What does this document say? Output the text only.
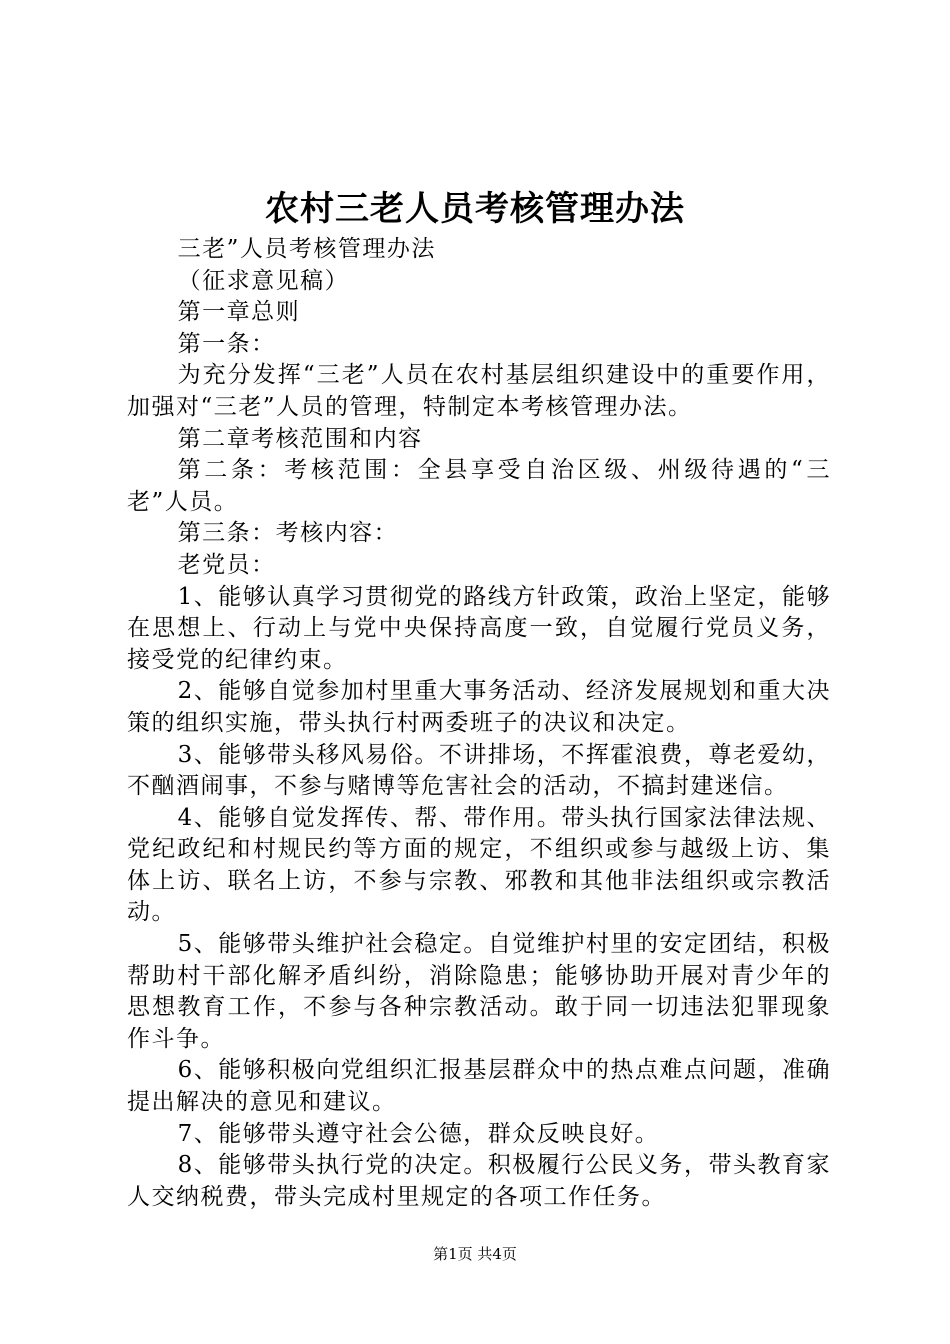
农村三老人员考核管理办法

三老”人员考核管理办法

（征求意见稿）

第一章总则

第一条：

为充分发挥“三老”人员在农村基层组织建设中的重要作用，加强对“三老”人员的管理，特制定本考核管理办法。

第二章考核范围和内容

第二条：考核范围：全县享受自治区级、州级待遇的“三老”人员。

第三条：考核内容：

老党员：

1、能够认真学习贯彻党的路线方针政策，政治上坚定，能够在思想上、行动上与党中央保持高度一致，自觉履行党员义务，接受党的纪律约束。

2、能够自觉参加村里重大事务活动、经济发展规划和重大决策的组织实施，带头执行村两委班子的决议和决定。

3、能够带头移风易俗。不讲排场，不挥霍浪费，尊老爱幼，不酗酒闹事，不参与赌博等危害社会的活动，不搞封建迷信。

4、能够自觉发挥传、帮、带作用。带头执行国家法律法规、党纪政纪和村规民约等方面的规定，不组织或参与越级上访、集体上访、联名上访，不参与宗教、邪教和其他非法组织或宗教活动。

5、能够带头维护社会稳定。自觉维护村里的安定团结，积极帮助村干部化解矛盾纠纷，消除隐患；能够协助开展对青少年的思想教育工作，不参与各种宗教活动。敢于同一切违法犯罪现象作斗争。

6、能够积极向党组织汇报基层群众中的热点难点问题，准确提出解决的意见和建议。

7、能够带头遵守社会公德，群众反映良好。

8、能够带头执行党的决定。积极履行公民义务，带头教育家人交纳税费，带头完成村里规定的各项工作任务。

第1页 共4页
